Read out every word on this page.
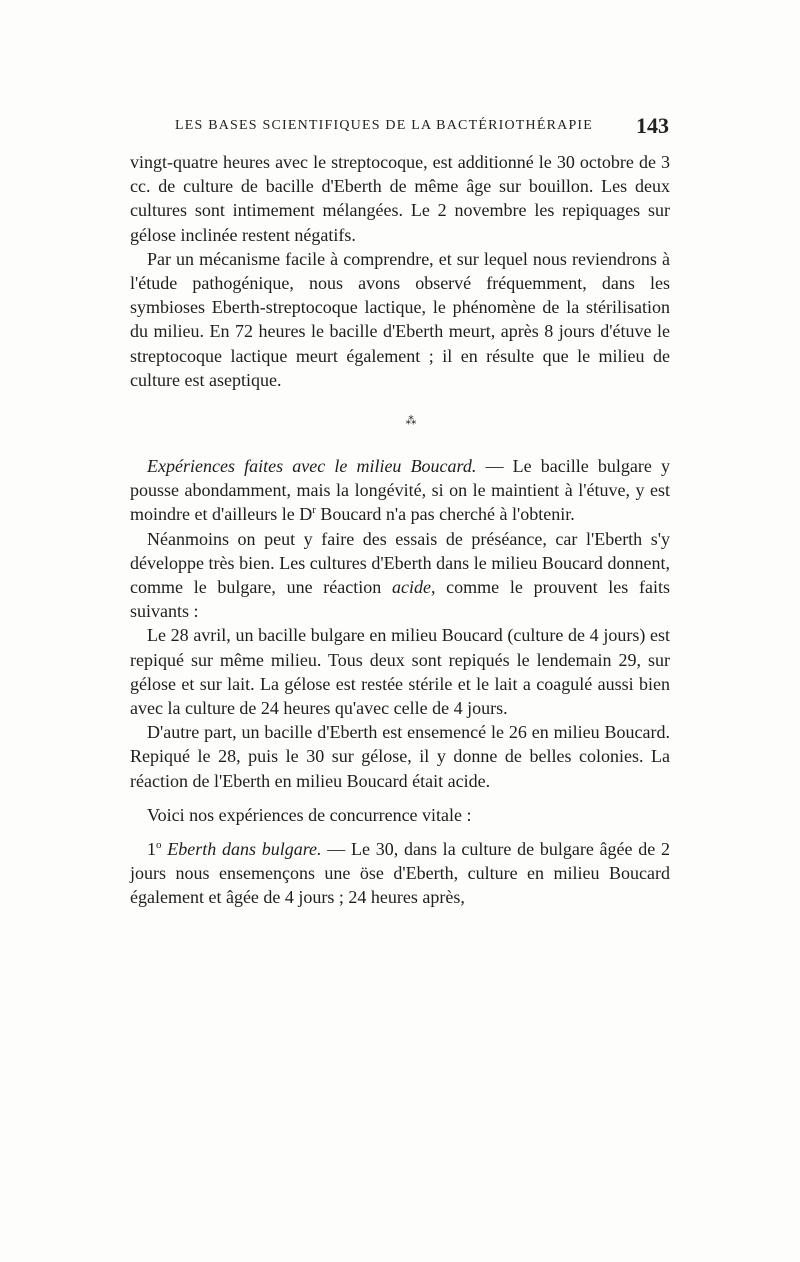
LES BASES SCIENTIFIQUES DE LA BACTÉRIOTHÉRAPIE 143

vingt-quatre heures avec le streptocoque, est additionné le 30 octobre de 3 cc. de culture de bacille d'Eberth de même âge sur bouillon. Les deux cultures sont intimement mélangées. Le 2 novembre les repiquages sur gélose inclinée restent négatifs.

Par un mécanisme facile à comprendre, et sur lequel nous reviendrons à l'étude pathogénique, nous avons observé fréquemment, dans les symbioses Eberth-streptocoque lactique, le phénomène de la stérilisation du milieu. En 72 heures le bacille d'Eberth meurt, après 8 jours d'étuve le streptocoque lactique meurt également ; il en résulte que le milieu de culture est aseptique.

⁂

Expériences faites avec le milieu Boucard. — Le bacille bulgare y pousse abondamment, mais la longévité, si on le maintient à l'étuve, y est moindre et d'ailleurs le $D^r$ Boucard n'a pas cherché à l'obtenir.

Néanmoins on peut y faire des essais de préséance, car l'Eberth s'y développe très bien. Les cultures d'Eberth dans le milieu Boucard donnent, comme le bulgare, une réaction acide, comme le prouvent les faits suivants :

Le 28 avril, un bacille bulgare en milieu Boucard (culture de 4 jours) est repiqué sur même milieu. Tous deux sont repiqués le lendemain 29, sur gélose et sur lait. La gélose est restée stérile et le lait a coagulé aussi bien avec la culture de 24 heures qu'avec celle de 4 jours.

D'autre part, un bacille d'Eberth est ensemencé le 26 en milieu Boucard. Repiqué le 28, puis le 30 sur gélose, il y donne de belles colonies. La réaction de l'Eberth en milieu Boucard était acide.

Voici nos expériences de concurrence vitale :

1$^o$ Eberth dans bulgare. — Le 30, dans la culture de bulgare âgée de 2 jours nous ensemençons une öse d'Eberth, culture en milieu Boucard également et âgée de 4 jours ; 24 heures après,
